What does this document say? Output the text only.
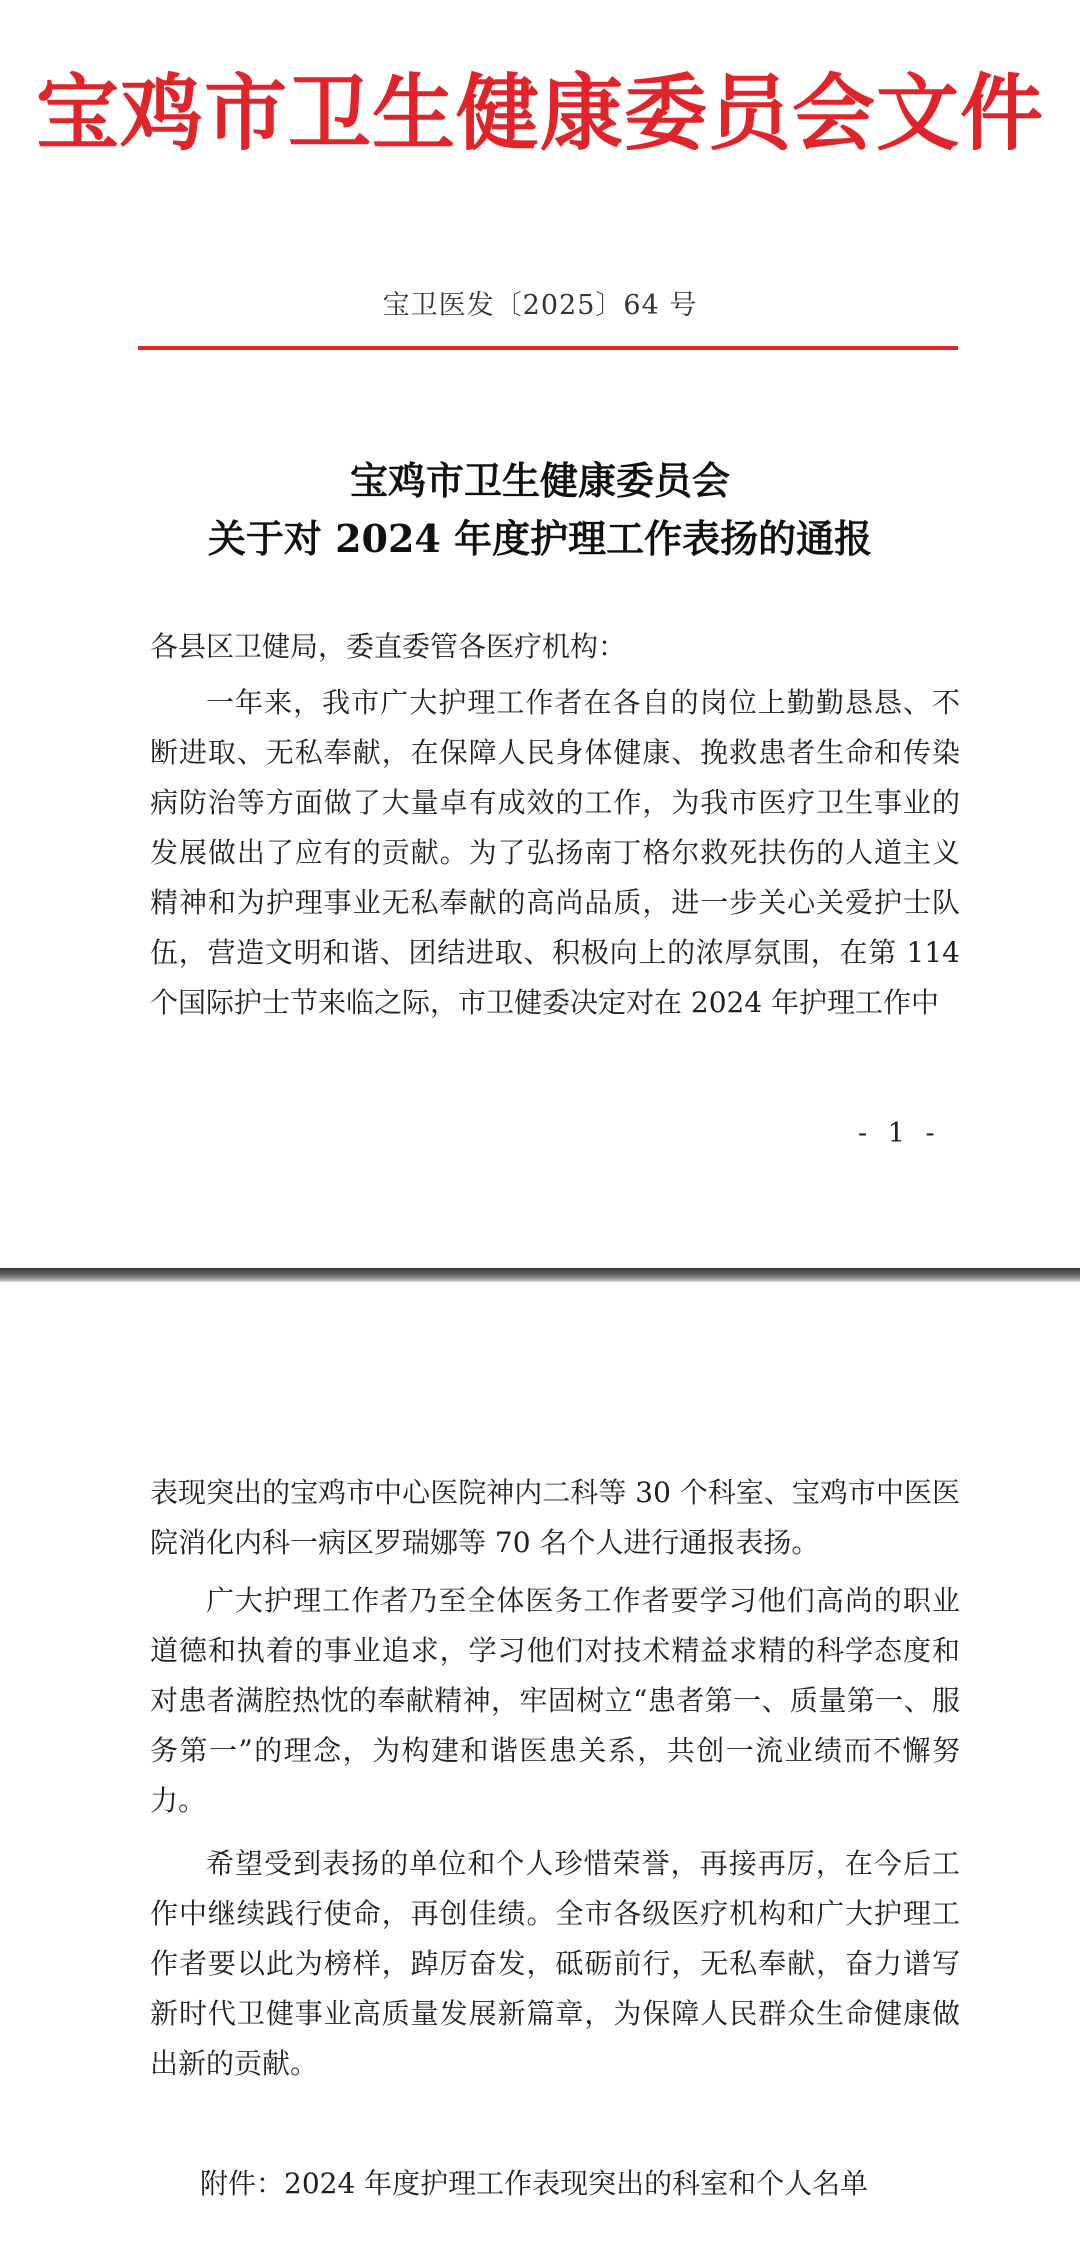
宝鸡市卫生健康委员会文件
宝卫医发〔2025〕64 号
宝鸡市卫生健康委员会
关于对 2024 年度护理工作表扬的通报
各县区卫健局，委直委管各医疗机构：

一年来，我市广大护理工作者在各自的岗位上勤勤恳恳、不断进取、无私奉献，在保障人民身体健康、挽救患者生命和传染病防治等方面做了大量卓有成效的工作，为我市医疗卫生事业的发展做出了应有的贡献。为了弘扬南丁格尔救死扶伤的人道主义精神和为护理事业无私奉献的高尚品质，进一步关心关爱护士队伍，营造文明和谐、团结进取、积极向上的浓厚氛围，在第 114 个国际护士节来临之际，市卫健委决定对在 2024 年护理工作中

- 1 -

表现突出的宝鸡市中心医院神内二科等 30 个科室、宝鸡市中医医院消化内科一病区罗瑞娜等 70 名个人进行通报表扬。

广大护理工作者乃至全体医务工作者要学习他们高尚的职业道德和执着的事业追求，学习他们对技术精益求精的科学态度和对患者满腔热忱的奉献精神，牢固树立“患者第一、质量第一、服务第一”的理念，为构建和谐医患关系，共创一流业绩而不懈努力。

希望受到表扬的单位和个人珍惜荣誉，再接再厉，在今后工作中继续践行使命，再创佳绩。全市各级医疗机构和广大护理工作者要以此为榜样，踔厉奋发，砥砺前行，无私奉献，奋力谱写新时代卫健事业高质量发展新篇章，为保障人民群众生命健康做出新的贡献。

附件：2024 年度护理工作表现突出的科室和个人名单
